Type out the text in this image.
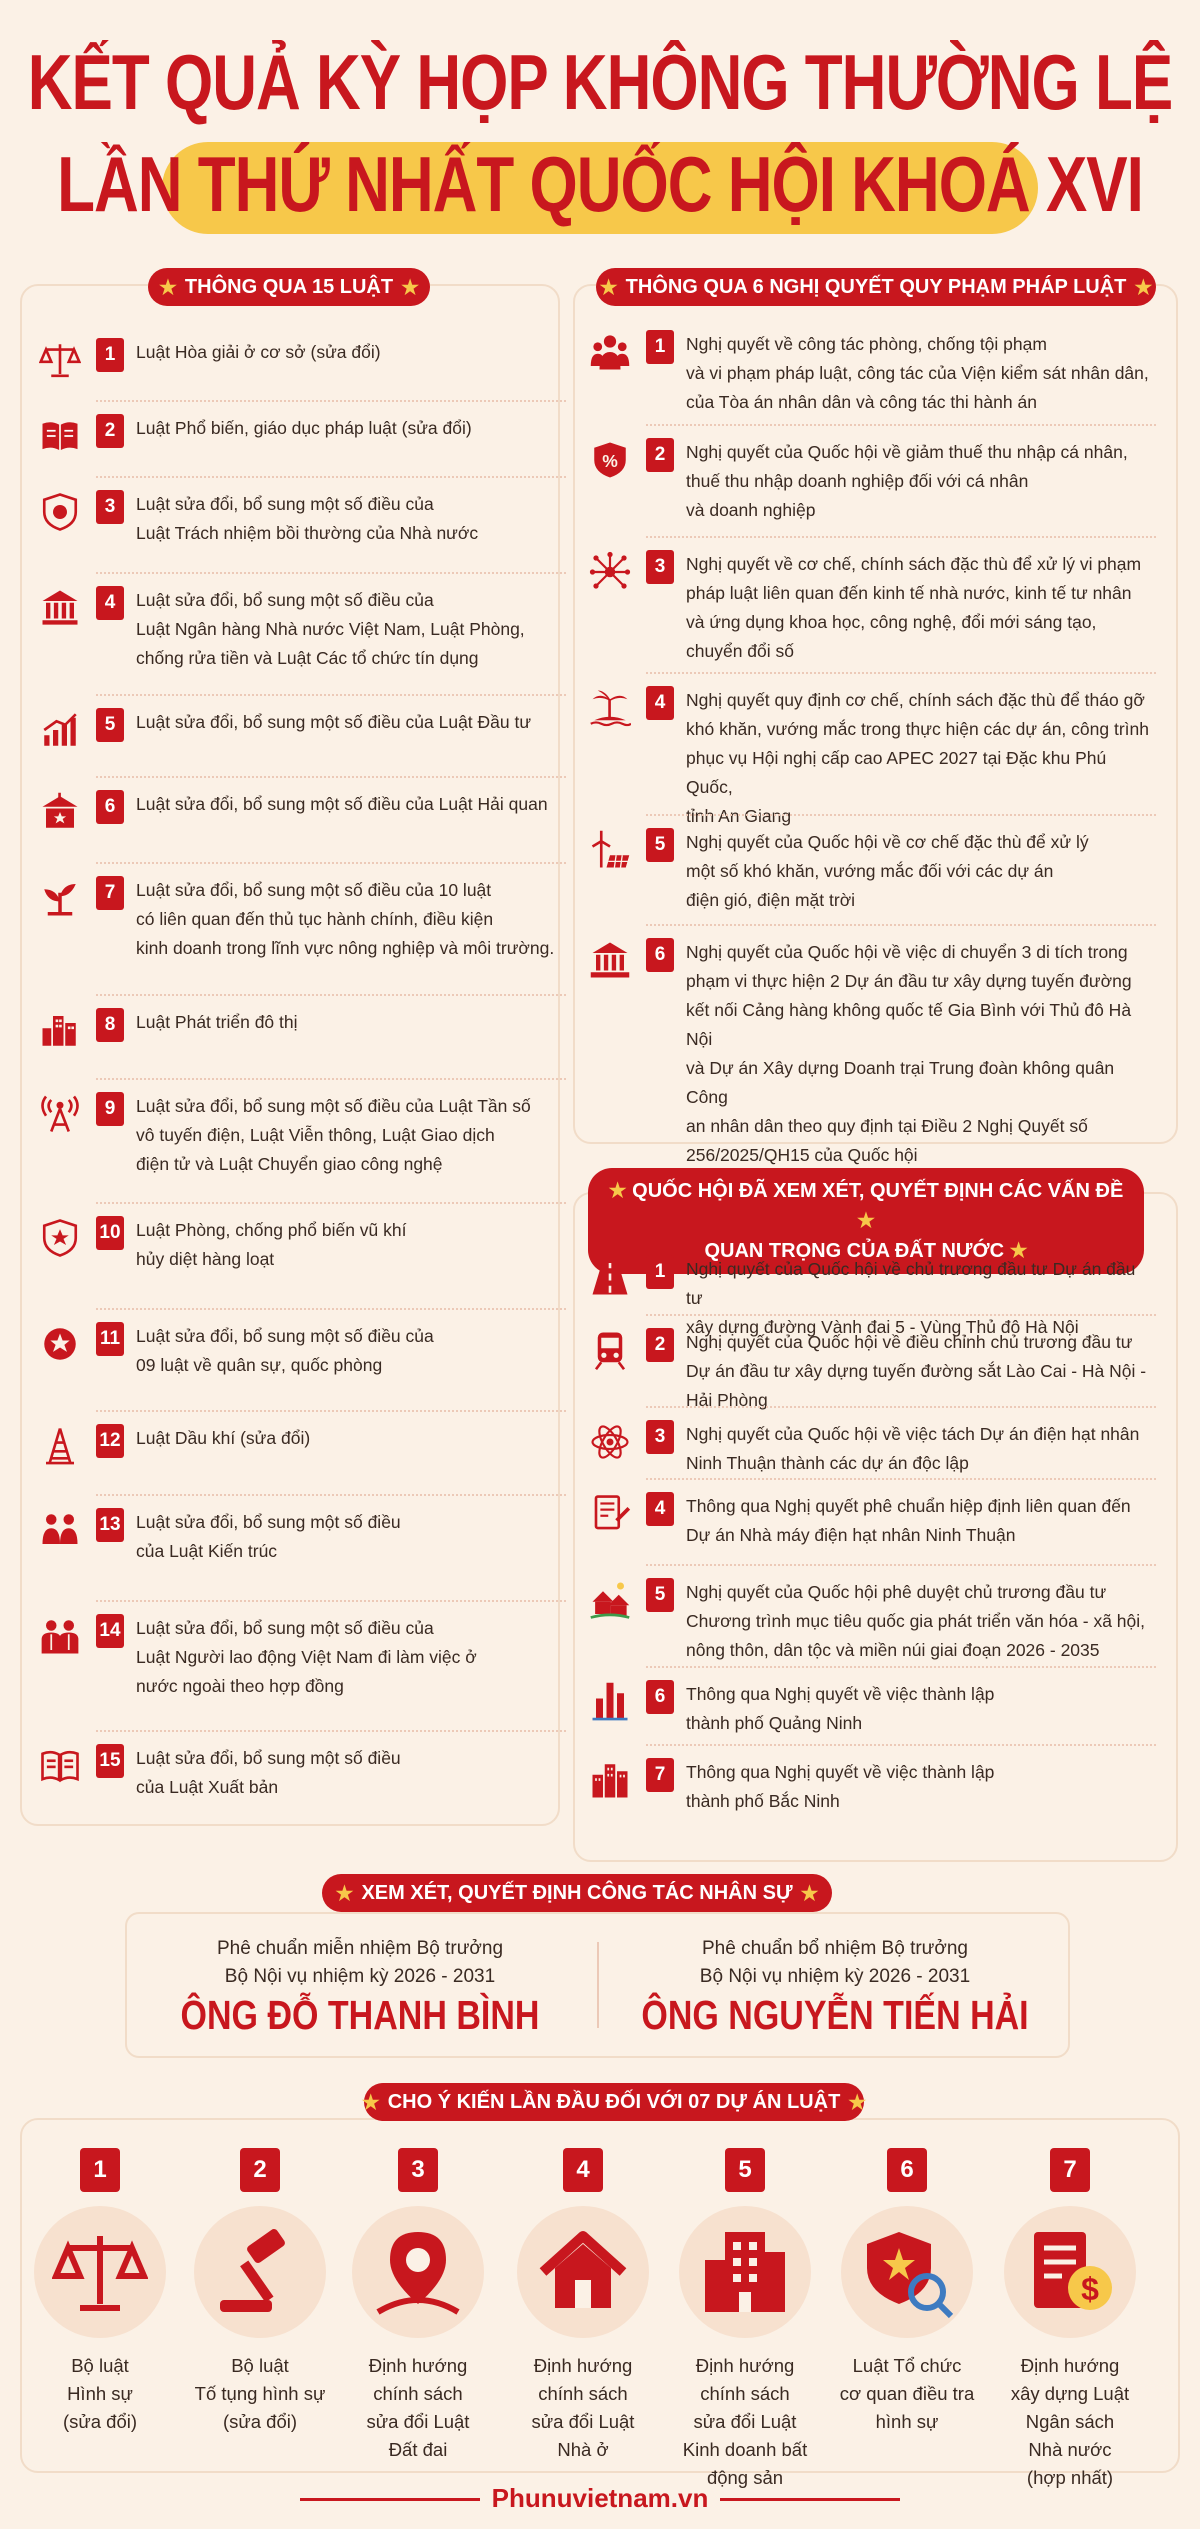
KẾT QUẢ KỲ HỌP KHÔNG THƯỜNG LỆ
LẦN THỨ NHẤT QUỐC HỘI KHOÁ XVI
★ THÔNG QUA 15 LUẬT ★
1	Luật Hòa giải ở cơ sở (sửa đổi)
2	Luật Phổ biến, giáo dục pháp luật (sửa đổi)
3	Luật sửa đổi, bổ sung một số điều của
Luật Trách nhiệm bồi thường của Nhà nước
4	Luật sửa đổi, bổ sung một số điều của
Luật Ngân hàng Nhà nước Việt Nam, Luật Phòng,
chống rửa tiền và Luật Các tổ chức tín dụng
5	Luật sửa đổi, bổ sung một số điều của Luật Đầu tư
6	Luật sửa đổi, bổ sung một số điều của Luật Hải quan
7	Luật sửa đổi, bổ sung một số điều của 10 luật
có liên quan đến thủ tục hành chính, điều kiện
kinh doanh trong lĩnh vực nông nghiệp và môi trường.
8	Luật Phát triển đô thị
9	Luật sửa đổi, bổ sung một số điều của Luật Tần số
vô tuyến điện, Luật Viễn thông, Luật Giao dịch
điện tử và Luật Chuyển giao công nghệ
10 Luật Phòng, chống phổ biến vũ khí
hủy diệt hàng loạt
11 Luật sửa đổi, bổ sung một số điều của
09 luật về quân sự, quốc phòng
12 Luật Dầu khí (sửa đổi)
13 Luật sửa đổi, bổ sung một số điều
của Luật Kiến trúc
14 Luật sửa đổi, bổ sung một số điều của
Luật Người lao động Việt Nam đi làm việc ở
nước ngoài theo hợp đồng
15 Luật sửa đổi, bổ sung một số điều
của Luật Xuất bản
★ THÔNG QUA 6 NGHỊ QUYẾT QUY PHẠM PHÁP LUẬT ★
1	Nghị quyết về công tác phòng, chống tội phạm
và vi phạm pháp luật, công tác của Viện kiểm sát nhân dân,
của Tòa án nhân dân và công tác thi hành án
%	2	Nghị quyết của Quốc hội về giảm thuế thu nhập cá nhân,
thuế thu nhập doanh nghiệp đối với cá nhân
và doanh nghiệp
3	Nghị quyết về cơ chế, chính sách đặc thù để xử lý vi phạm
pháp luật liên quan đến kinh tế nhà nước, kinh tế tư nhân
và ứng dụng khoa học, công nghệ, đổi mới sáng tạo,
chuyển đổi số
4	Nghị quyết quy định cơ chế, chính sách đặc thù để tháo gỡ
khó khăn, vướng mắc trong thực hiện các dự án, công trình
phục vụ Hội nghị cấp cao APEC 2027 tại Đặc khu Phú Quốc,
tỉnh An Giang
5	Nghị quyết của Quốc hội về cơ chế đặc thù để xử lý
một số khó khăn, vướng mắc đối với các dự án
điện gió, điện mặt trời
6	Nghị quyết của Quốc hội về việc di chuyển 3 di tích trong
phạm vi thực hiện 2 Dự án đầu tư xây dựng tuyến đường
kết nối Cảng hàng không quốc tế Gia Bình với Thủ đô Hà Nội
và Dự án Xây dựng Doanh trại Trung đoàn không quân Công
an nhân dân theo quy định tại Điều 2 Nghị Quyết số
256/2025/QH15 của Quốc hội
★ QUỐC HỘI ĐÃ XEM XÉT, QUYẾT ĐỊNH CÁC VẤN ĐỀ ★
QUAN TRỌNG CỦA ĐẤT NƯỚC ★
1	Nghị quyết của Quốc hội về chủ trương đầu tư Dự án đầu tư
xây dựng đường Vành đai 5 - Vùng Thủ đô Hà Nội
2	Nghị quyết của Quốc hội về điều chỉnh chủ trương đầu tư
Dự án đầu tư xây dựng tuyến đường sắt Lào Cai - Hà Nội -
Hải Phòng
3	Nghị quyết của Quốc hội về việc tách Dự án điện hạt nhân
Ninh Thuận thành các dự án độc lập
4	Thông qua Nghị quyết phê chuẩn hiệp định liên quan đến
Dự án Nhà máy điện hạt nhân Ninh Thuận
5	Nghị quyết của Quốc hội phê duyệt chủ trương đầu tư
Chương trình mục tiêu quốc gia phát triển văn hóa - xã hội,
nông thôn, dân tộc và miền núi giai đoạn 2026 - 2035
6	Thông qua Nghị quyết về việc thành lập
thành phố Quảng Ninh
7	Thông qua Nghị quyết về việc thành lập
thành phố Bắc Ninh
★ XEM XÉT, QUYẾT ĐỊNH CÔNG TÁC NHÂN SỰ ★
Phê chuẩn miễn nhiệm Bộ trưởng
Bộ Nội vụ nhiệm kỳ 2026 - 2031
ÔNG ĐỖ THANH BÌNH
Phê chuẩn bổ nhiệm Bộ trưởng
Bộ Nội vụ nhiệm kỳ 2026 - 2031
ÔNG NGUYỄN TIẾN HẢI
★ CHO Ý KIẾN LẦN ĐẦU ĐỐI VỚI 07 DỰ ÁN LUẬT ★
1
Bộ luật
Hình sự
(sửa đổi)
2
Bộ luật
Tố tụng hình sự
(sửa đổi)
3
Định hướng
chính sách
sửa đổi Luật
Đất đai
4
Định hướng
chính sách
sửa đổi Luật
Nhà ở
5
Định hướng
chính sách
sửa đổi Luật
Kinh doanh bất
động sản
6
Luật Tổ chức
cơ quan điều tra
hình sự
7
$
Định hướng
xây dựng Luật
Ngân sách
Nhà nước
(hợp nhất)
Phunuvietnam.vn
